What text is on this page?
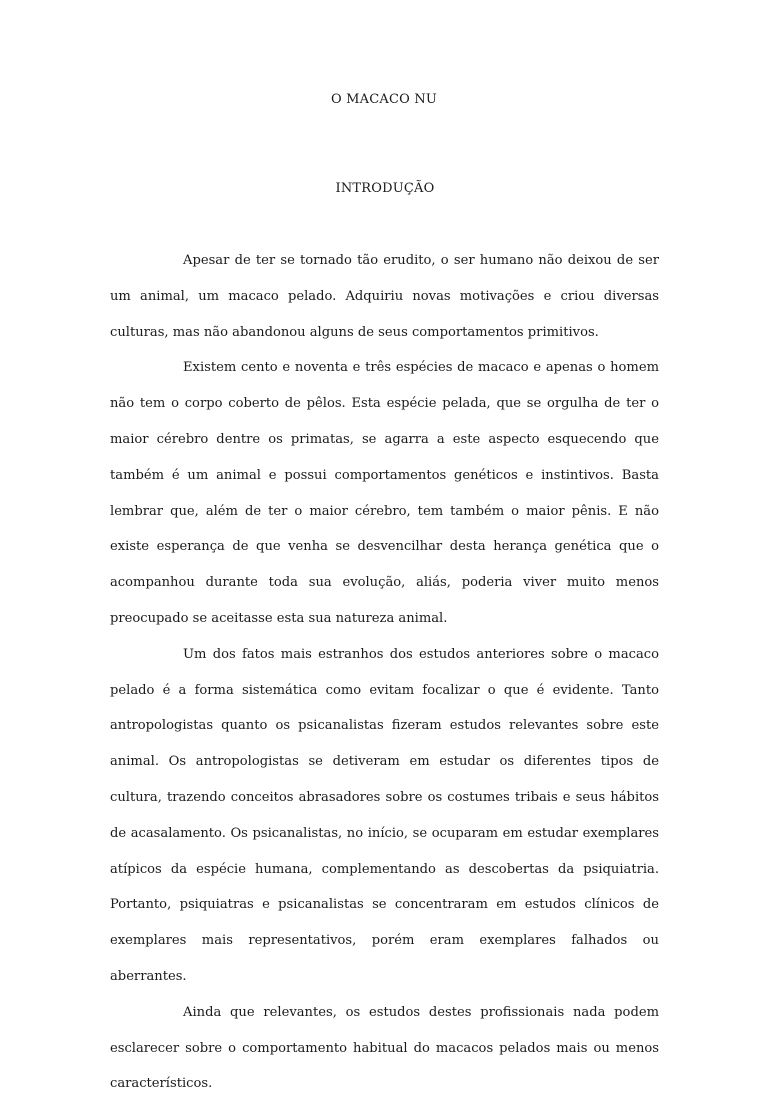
O MACACO NU
INTRODUÇÃO

Apesar de ter se tornado tão erudito, o ser humano não deixou de ser um animal, um macaco pelado. Adquiriu novas motivações e criou diversas culturas, mas não abandonou alguns de seus comportamentos primitivos.

Existem cento e noventa e três espécies de macaco e apenas o homem não tem o corpo coberto de pêlos. Esta espécie pelada, que se orgulha de ter o maior cérebro dentre os primatas, se agarra a este aspecto esquecendo que também é um animal e possui comportamentos genéticos e instintivos. Basta lembrar que, além de ter o maior cérebro, tem também o maior pênis. E não existe esperança de que venha se desvencilhar desta herança genética que o acompanhou durante toda sua evolução, aliás, poderia viver muito menos preocupado se aceitasse esta sua natureza animal.

Um dos fatos mais estranhos dos estudos anteriores sobre o macaco pelado é a forma sistemática como evitam focalizar o que é evidente. Tanto antropologistas quanto os psicanalistas fizeram estudos relevantes sobre este animal. Os antropologistas se detiveram em estudar os diferentes tipos de cultura, trazendo conceitos abrasadores sobre os costumes tribais e seus hábitos de acasalamento. Os psicanalistas, no início, se ocuparam em estudar exemplares atípicos da espécie humana, complementando as descobertas da psiquiatria. Portanto, psiquiatras e psicanalistas se concentraram em estudos clínicos de exemplares mais representativos, porém eram exemplares falhados ou aberrantes.

Ainda que relevantes, os estudos destes profissionais nada podem esclarecer sobre o comportamento habitual do macacos pelados mais ou menos característicos.
